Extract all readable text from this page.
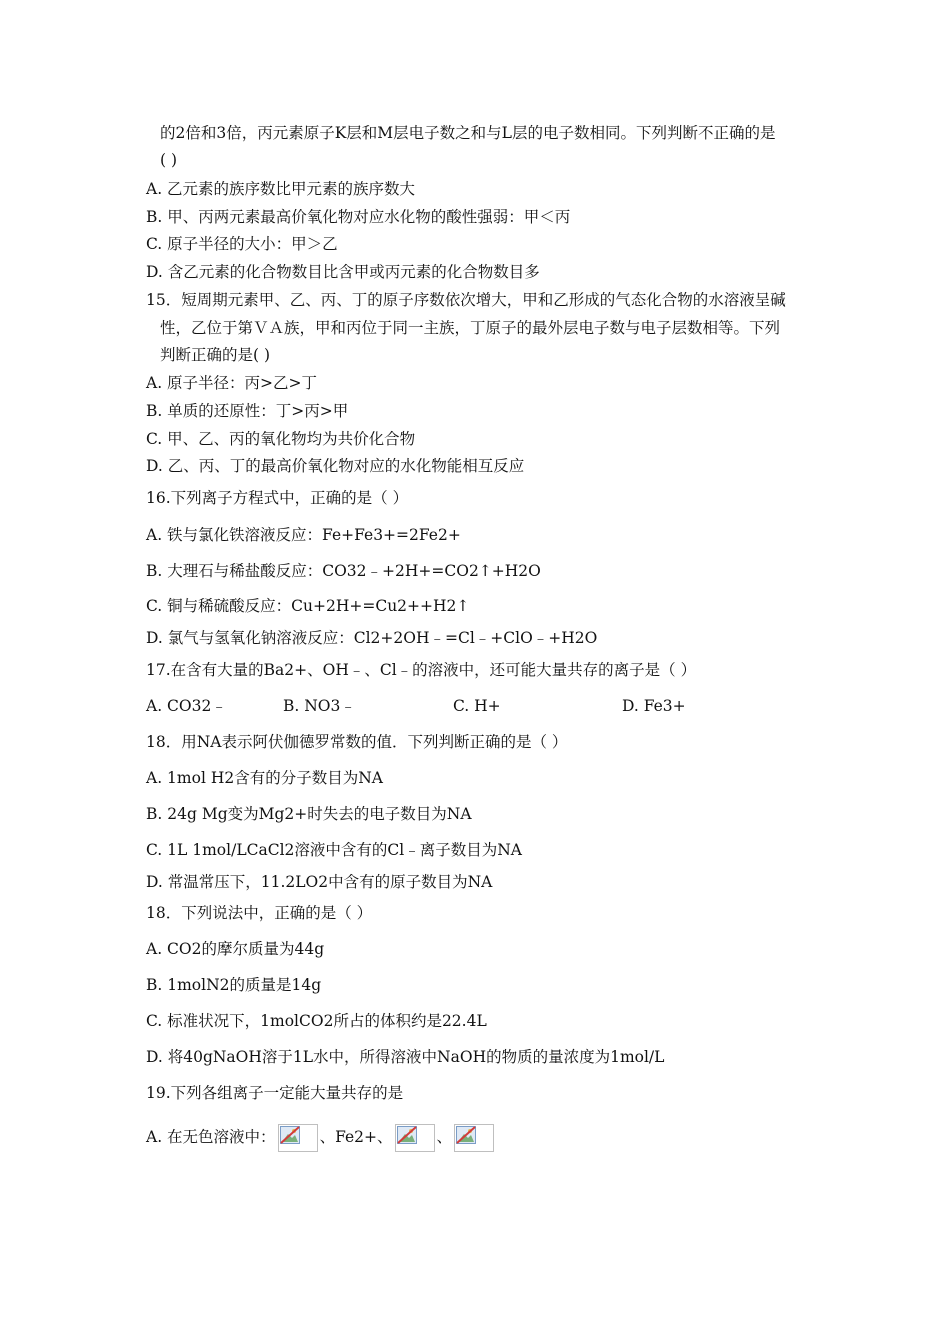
的2倍和3倍，丙元素原子K层和M层电子数之和与L层的电子数相同。下列判断不正确的是
( )
A. 乙元素的族序数比甲元素的族序数大
B. 甲、丙两元素最高价氧化物对应水化物的酸性强弱：甲＜丙
C. 原子半径的大小：甲＞乙
D. 含乙元素的化合物数目比含甲或丙元素的化合物数目多
15．短周期元素甲、乙、丙、丁的原子序数依次增大，甲和乙形成的气态化合物的水溶液呈碱
性，乙位于第ＶＡ族，甲和丙位于同一主族，丁原子的最外层电子数与电子层数相等。下列
判断正确的是( )
A. 原子半径：丙>乙>丁
B. 单质的还原性：丁>丙>甲
C. 甲、乙、丙的氧化物均为共价化合物
D. 乙、丙、丁的最高价氧化物对应的水化物能相互反应
16.下列离子方程式中，正确的是（ ）
A. 铁与氯化铁溶液反应：Fe+Fe3+=2Fe2+
B. 大理石与稀盐酸反应：CO32﹣+2H+=CO2↑+H2O
C. 铜与稀硫酸反应：Cu+2H+=Cu2++H2↑
D. 氯气与氢氧化钠溶液反应：Cl2+2OH﹣=Cl﹣+ClO﹣+H2O
17.在含有大量的Ba2+、OH﹣、Cl﹣的溶液中，还可能大量共存的离子是（ ）
A. CO32﹣	B. NO3﹣	C. H+	D. Fe3+
18．用NA表示阿伏伽德罗常数的值．下列判断正确的是（ ）
A. 1mol H2含有的分子数目为NA
B. 24g Mg变为Mg2+时失去的电子数目为NA
C. 1L 1mol/LCaCl2溶液中含有的Cl﹣离子数目为NA
D. 常温常压下，11.2LO2中含有的原子数目为NA
18．下列说法中，正确的是（ ）
A. CO2的摩尔质量为44g
B. 1molN2的质量是14g
C. 标准状况下，1molCO2所占的体积约是22.4L
D. 将40gNaOH溶于1L水中，所得溶液中NaOH的物质的量浓度为1mol/L
19.下列各组离子一定能大量共存的是
A. 在无色溶液中：	、Fe2+、	、
